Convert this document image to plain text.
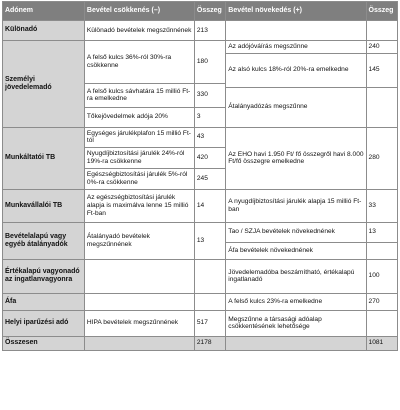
Adónem	Bevétel csökkenés (–)	Összeg	Bevétel növekedés (+)	Összeg
Különadó	Különadó bevételek megszűnnének	213		
Személyi jövedelemadó	A felső kulcs 36%-ról 30%-ra csökkenne	180	Az adójóváírás megszűnne	240
			Az alsó kulcs 18%-ról 20%-ra emelkedne	145
	A felső kulcs sávhatára 15 millió Ft-ra emelkedne	330		
			Átalányadózás megszűnne	
	Tőkejövedelmek adója 20%	3		

Munkáltatói TB	Egységes járulékplafon 15 millió Ft-tól	43	Az EHO havi 1.950 Ft/ fő összegről havi 8.000 Ft/fő összegre emelkedne	280
	Nyugdíjbiztosítási járulék 24%-ról 19%-ra csökkenne	420		
	Egészségbiztosítási járulék 5%-ról 0%-ra csökkenne	245		
Munkavállalói TB	Az egészségbiztosítási járulék alapja is maximálva lenne 15 millió Ft-ban	14	A nyugdíjbiztosítási járulék alapja 15 millió Ft-ban	33
Bevételalapú vagy egyéb átalányadók	Átalányadó bevételek megszűnnének	13	Tao / SZJA bevételek növekednének	13
			Áfa bevételek növekednének	
Értékalapú vagyonadó az ingatlanvagyonra			Jövedelemadóba beszámítható, értékalapú ingatlanadó	100
Áfa			A felső kulcs 23%-ra emelkedne	270
Helyi iparűzési adó	HIPA bevételek megszűnnének	517	Megszűnne a társasági adóalap csökkentésének lehetősége	
Összesen		2178		1081
